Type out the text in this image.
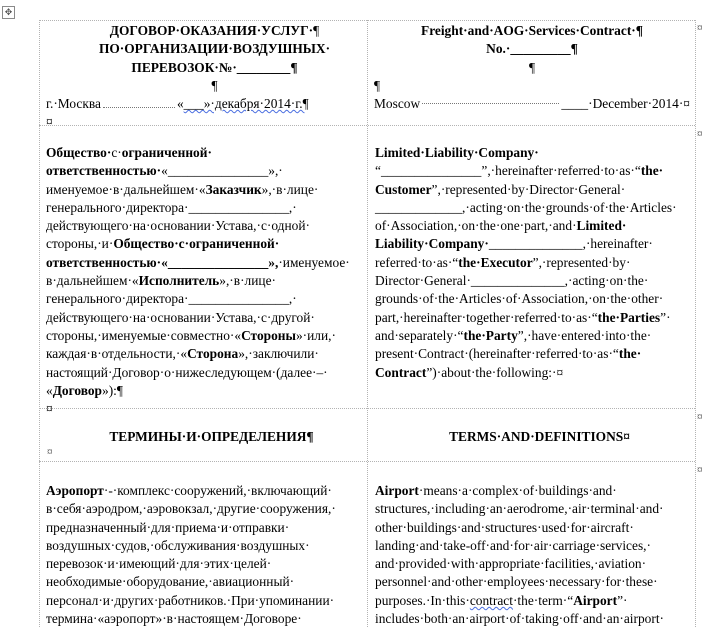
✥

ДОГОВОР·ОКАЗАНИЯ·УСЛУГ·¶
ПО·ОРГАНИЗАЦИИ·ВОЗДУШНЫХ·
ПЕРЕВОЗОК·№·________¶

¶

г.·Москва	«___»·декабря·2014·г.¶

¤

Freight·and·AOG·Services·Contract·¶
No.·_________¶

¶

¶

Moscow	____·December·2014·¤

¤
Общество·с·ограниченной·
ответственностью·«_______________»,·
именуемое·в·дальнейшем·«Заказчик»,·в·лице·
генерального·директора·_______________,·
действующего·на·основании·Устава,·с·одной·
стороны,·и·Общество·с·ограниченной·
ответственностью·«_______________»,·именуемое·
в·дальнейшем·«Исполнитель»,·в·лице·
генерального·директора·_______________,·
действующего·на·основании·Устава,·с·другой·
стороны,·именуемые·совместно·«Стороны»·или,·
каждая·в·отдельности,·«Сторона»,·заключили·
настоящий·Договор·о·нижеследующем·(далее·–·
«Договор»):¶
¤
Limited·Liability·Company·
“_______________”,·hereinafter·referred·to·as·“the·
Customer”,·represented·by·Director·General·
_____________,·acting·on·the·grounds·of·the·Articles·
of·Association,·on·the·one·part,·and·Limited·
Liability·Company·______________,·hereinafter·
referred·to·as·“the·Executor”,·represented·by·
Director·General·______________,·acting·on·the·
grounds·of·the·Articles·of·Association,·on·the·other·
part,·hereinafter·together·referred·to·as·“the·Parties”·
and·separately·“the·Party”,·have·entered·into·the·
present·Contract·(hereinafter·referred·to·as·“the·
Contract”)·about·the·following:·¤
¤
ТЕРМИНЫ·И·ОПРЕДЕЛЕНИЯ¶
¤
TERMS·AND·DEFINITIONS¤
¤
Аэропорт·-·комплекс·сооружений,·включающий·
в·себя·аэродром,·аэровокзал,·другие·сооружения,·
предназначенный·для·приема·и·отправки·
воздушных·судов,·обслуживания·воздушных·
перевозок·и·имеющий·для·этих·целей·
необходимые·оборудование,·авиационный·
персонал·и·других·работников.·При·упоминании·
термина·«аэропорт»·в·настоящем·Договоре·
Airport·means·a·complex·of·buildings·and·
structures,·including·an·aerodrome,·air·terminal·and·
other·buildings·and·structures·used·for·aircraft·
landing·and·take-off·and·for·air·carriage·services,·
and·provided·with·appropriate·facilities,·aviation·
personnel·and·other·employees·necessary·for·these·
purposes.·In·this·contract·the·term·“Airport”·
includes·both·an·airport·of·taking·off·and·an·airport·
¤
